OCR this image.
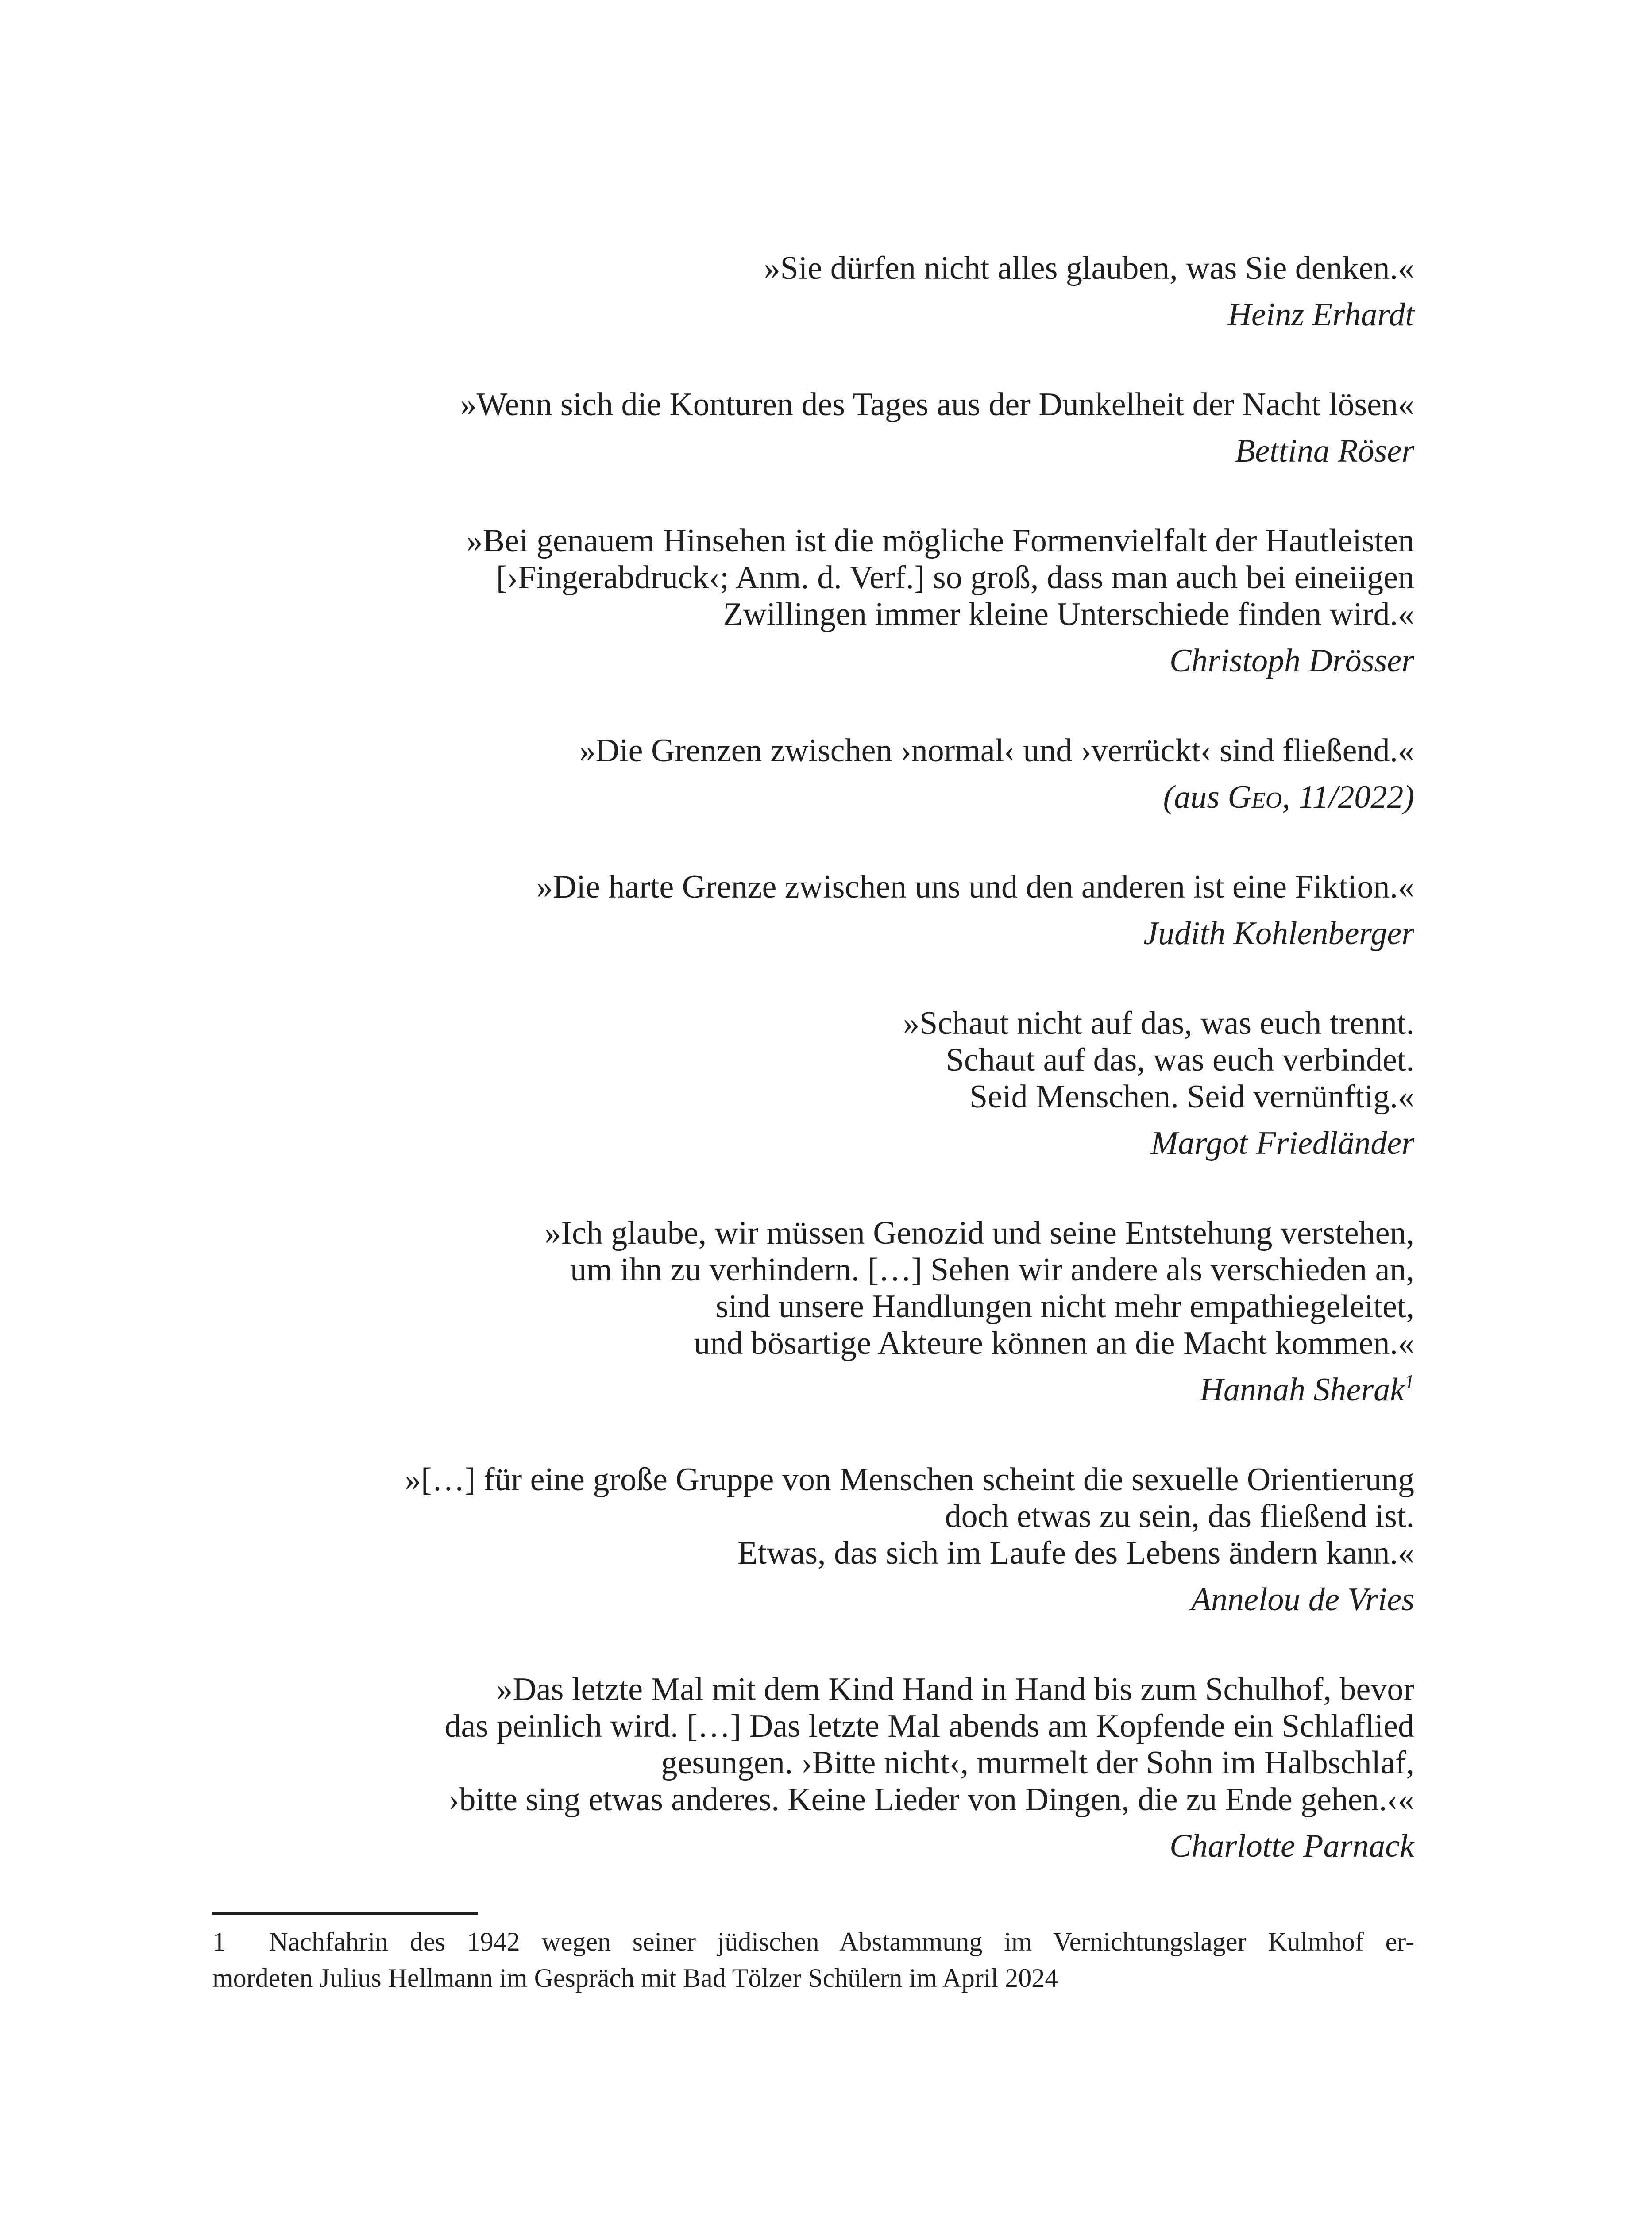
»Sie dürfen nicht alles glauben, was Sie denken.«
Heinz Erhardt
»Wenn sich die Konturen des Tages aus der Dunkelheit der Nacht lösen«
Bettina Röser
»Bei genauem Hinsehen ist die mögliche Formenvielfalt der Hautleisten
[›Fingerabdruck‹; Anm. d. Verf.] so groß, dass man auch bei eineiigen
Zwillingen immer kleine Unterschiede finden wird.«
Christoph Drösser
»Die Grenzen zwischen ›normal‹ und ›verrückt‹ sind fließend.«
(aus Geo, 11/2022)
»Die harte Grenze zwischen uns und den anderen ist eine Fiktion.«
Judith Kohlenberger
»Schaut nicht auf das, was euch trennt.
Schaut auf das, was euch verbindet.
Seid Menschen. Seid vernünftig.«
Margot Friedländer
»Ich glaube, wir müssen Genozid und seine Entstehung verstehen,
um ihn zu verhindern. […] Sehen wir andere als verschieden an,
sind unsere Handlungen nicht mehr empathiegeleitet,
und bösartige Akteure können an die Macht kommen.«
Hannah Sherak$^1$
»[…] für eine große Gruppe von Menschen scheint die sexuelle Orientierung
doch etwas zu sein, das fließend ist.
Etwas, das sich im Laufe des Lebens ändern kann.«
Annelou de Vries
»Das letzte Mal mit dem Kind Hand in Hand bis zum Schulhof, bevor
das peinlich wird. […] Das letzte Mal abends am Kopfende ein Schlaflied
gesungen. ›Bitte nicht‹, murmelt der Sohn im Halbschlaf,
›bitte sing etwas anderes. Keine Lieder von Dingen, die zu Ende gehen.‹«
Charlotte Parnack
1 Nachfahrin des 1942 wegen seiner jüdischen Abstammung im Vernichtungslager Kulmhof er-
mordeten Julius Hellmann im Gespräch mit Bad Tölzer Schülern im April 2024
